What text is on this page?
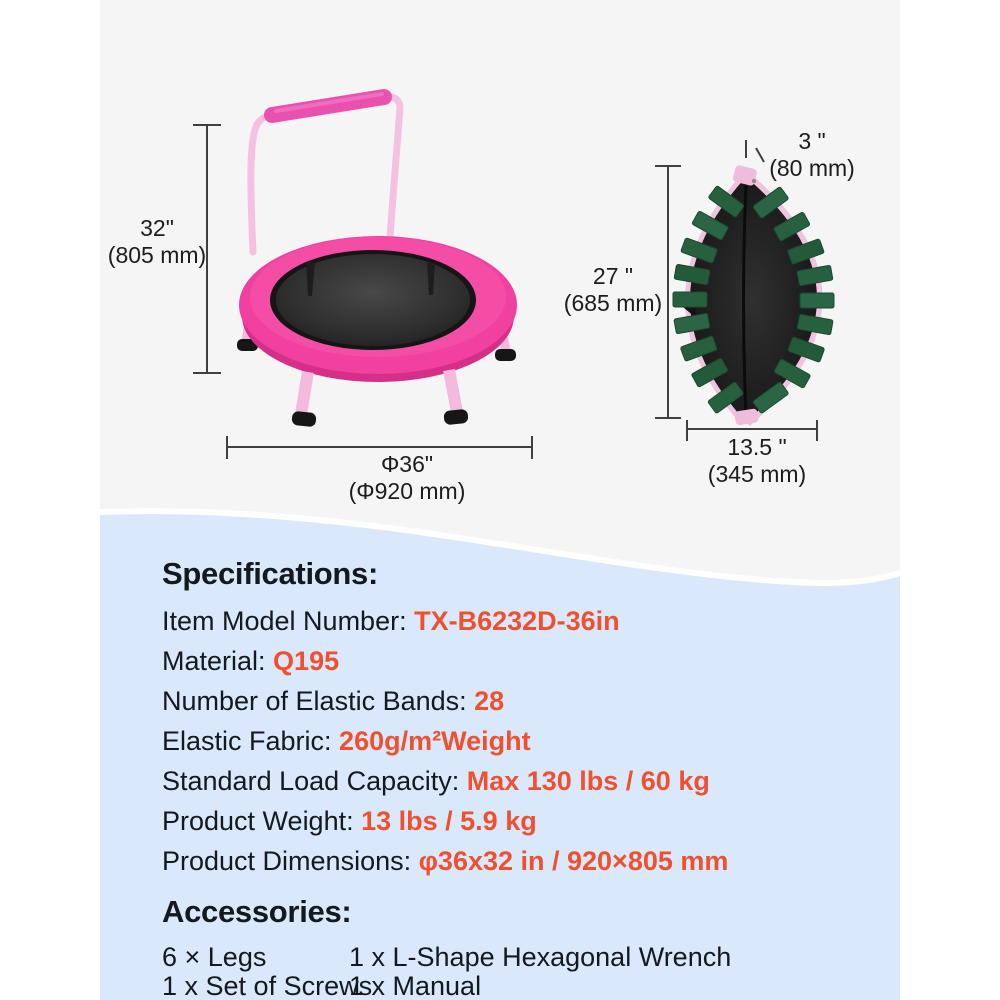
32"
(805 mm)
Φ36"
(Φ920 mm)
3 "
(80 mm)
27 "
(685 mm)
13.5 "
(345 mm)
Specifications:
Item Model Number: TX-B6232D-36in
Material: Q195
Number of Elastic Bands: 28
Elastic Fabric: 260g/m²Weight
Standard Load Capacity: Max 130 lbs / 60 kg
Product Weight: 13 lbs / 5.9 kg
Product Dimensions: φ36x32 in / 920×805 mm
Accessories:
6 × Legs	1 x L-Shape Hexagonal Wrench
1 x Set of Screws
1 x Manual
